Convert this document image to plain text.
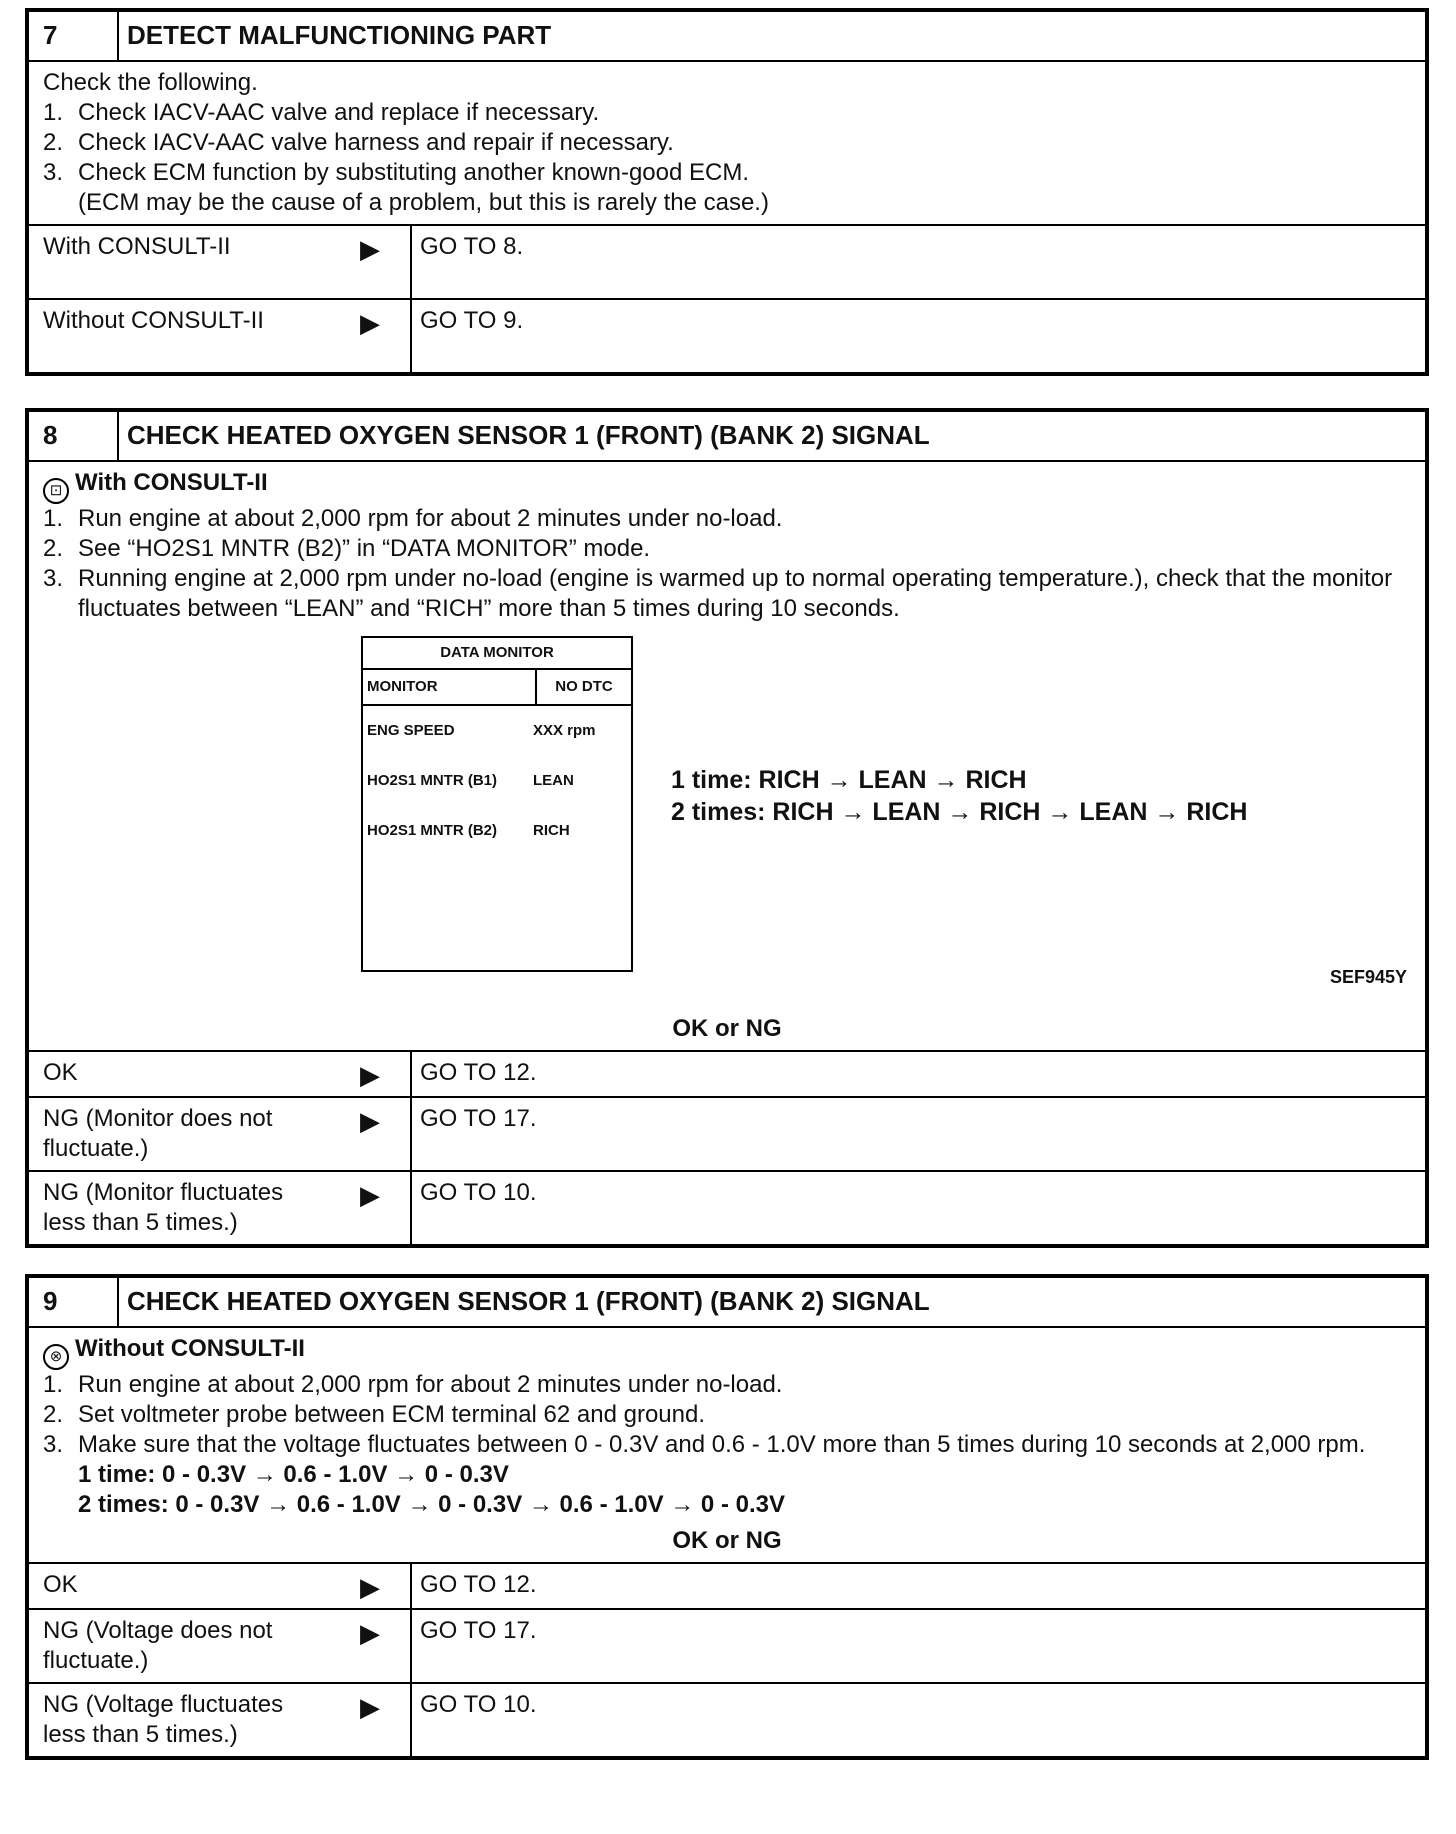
7	DETECT MALFUNCTIONING PART

Check the following.

1. Check IACV-AAC valve and replace if necessary.
2. Check IACV-AAC valve harness and repair if necessary.
3. Check ECM function by substituting another known-good ECM.
(ECM may be the cause of a problem, but this is rarely the case.)
With CONSULT-II	▶	GO TO 8.
Without CONSULT-II	▶	GO TO 9.
8	CHECK HEATED OXYGEN SENSOR 1 (FRONT) (BANK 2) SIGNAL

⊡ With CONSULT-II

1. Run engine at about 2,000 rpm for about 2 minutes under no-load.
2. See “HO2S1 MNTR (B2)” in “DATA MONITOR” mode.
3. Running engine at 2,000 rpm under no-load (engine is warmed up to normal operating temperature.), check that the monitor fluctuates between “LEAN” and “RICH” more than 5 times during 10 seconds.
DATA MONITOR
MONITOR	NO DTC
ENG SPEED	XXX rpm
HO2S1 MNTR (B1)	LEAN
HO2S1 MNTR (B2)	RICH
1 time: RICH → LEAN → RICH
2 times: RICH → LEAN → RICH → LEAN → RICH
SEF945Y
OK or NG
OK	▶	GO TO 12.
NG (Monitor does not fluctuate.)
▶	GO TO 17.
NG (Monitor fluctuates less than 5 times.)
▶	GO TO 10.
9	CHECK HEATED OXYGEN SENSOR 1 (FRONT) (BANK 2) SIGNAL

⊗ Without CONSULT-II

1. Run engine at about 2,000 rpm for about 2 minutes under no-load.
2. Set voltmeter probe between ECM terminal 62 and ground.
3. Make sure that the voltage fluctuates between 0 - 0.3V and 0.6 - 1.0V more than 5 times during 10 seconds at 2,000 rpm.
1 time: 0 - 0.3V → 0.6 - 1.0V → 0 - 0.3V
2 times: 0 - 0.3V → 0.6 - 1.0V → 0 - 0.3V → 0.6 - 1.0V → 0 - 0.3V
OK or NG
OK	▶	GO TO 12.
NG (Voltage does not fluctuate.)
▶	GO TO 17.
NG (Voltage fluctuates less than 5 times.)
▶	GO TO 10.
